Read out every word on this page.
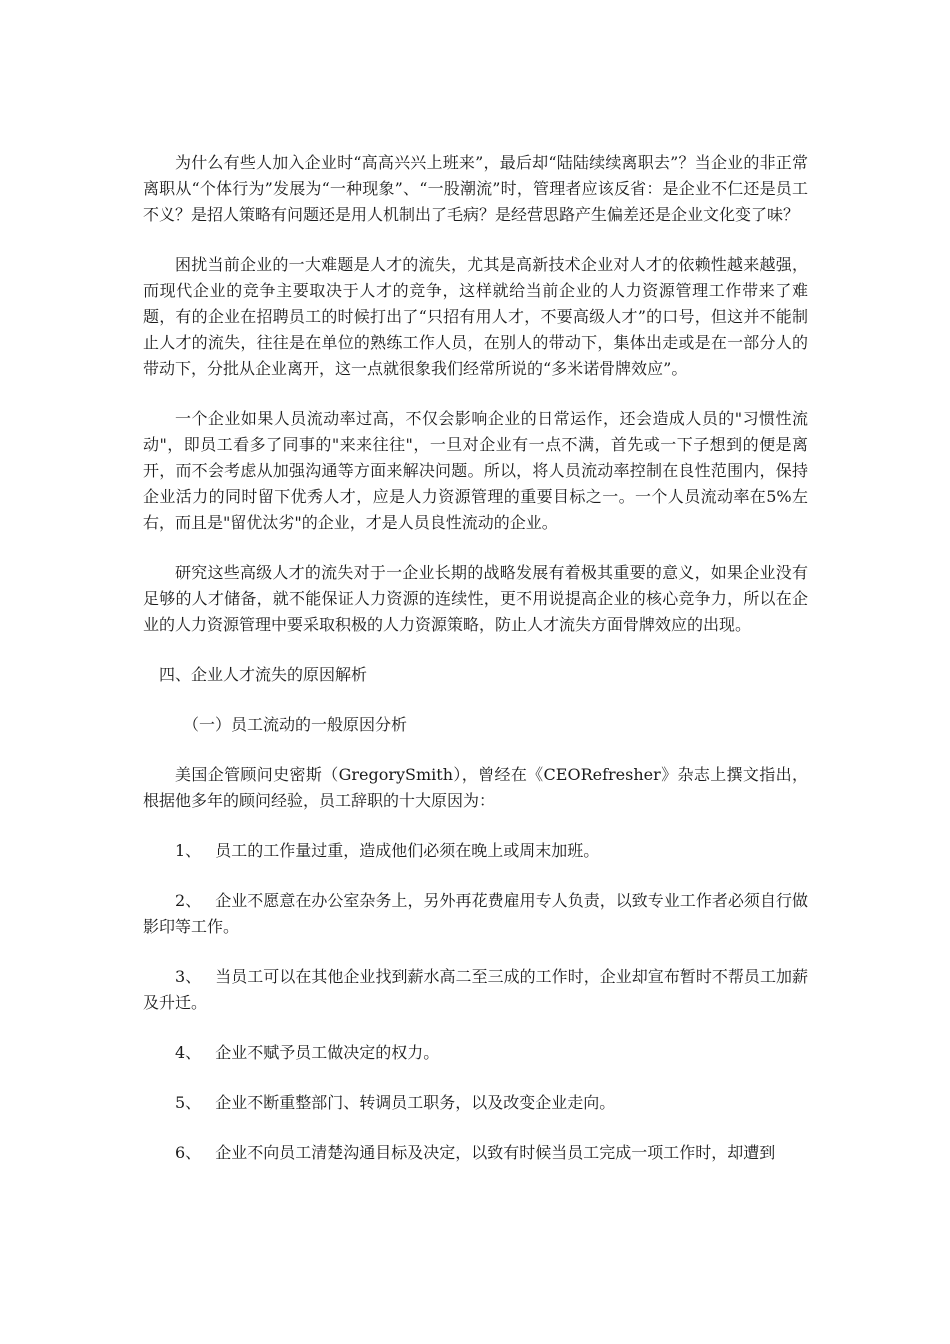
为什么有些人加入企业时“高高兴兴上班来”，最后却“陆陆续续离职去”？当企业的非正常离职从“个体行为”发展为“一种现象”、“一股潮流”时，管理者应该反省：是企业不仁还是员工不义？是招人策略有问题还是用人机制出了毛病？是经营思路产生偏差还是企业文化变了味？

困扰当前企业的一大难题是人才的流失，尤其是高新技术企业对人才的依赖性越来越强，而现代企业的竞争主要取决于人才的竞争，这样就给当前企业的人力资源管理工作带来了难题，有的企业在招聘员工的时候打出了“只招有用人才，不要高级人才”的口号，但这并不能制止人才的流失，往往是在单位的熟练工作人员，在别人的带动下，集体出走或是在一部分人的带动下，分批从企业离开，这一点就很象我们经常所说的“多米诺骨牌效应”。

一个企业如果人员流动率过高，不仅会影响企业的日常运作，还会造成人员的"习惯性流动"，即员工看多了同事的"来来往往"，一旦对企业有一点不满，首先或一下子想到的便是离开，而不会考虑从加强沟通等方面来解决问题。所以，将人员流动率控制在良性范围内，保持企业活力的同时留下优秀人才，应是人力资源管理的重要目标之一。一个人员流动率在5%左右，而且是"留优汰劣"的企业，才是人员良性流动的企业。

研究这些高级人才的流失对于一企业长期的战略发展有着极其重要的意义，如果企业没有足够的人才储备，就不能保证人力资源的连续性，更不用说提高企业的核心竞争力，所以在企业的人力资源管理中要采取积极的人力资源策略，防止人才流失方面骨牌效应的出现。

四、企业人才流失的原因解析

（一）员工流动的一般原因分析

美国企管顾问史密斯（GregorySmith），曾经在《CEORefresher》杂志上撰文指出，根据他多年的顾问经验，员工辞职的十大原因为：

1、 员工的工作量过重，造成他们必须在晚上或周末加班。

2、 企业不愿意在办公室杂务上，另外再花费雇用专人负责，以致专业工作者必须自行做影印等工作。

3、 当员工可以在其他企业找到薪水高二至三成的工作时，企业却宣布暂时不帮员工加薪及升迁。

4、 企业不赋予员工做决定的权力。

5、 企业不断重整部门、转调员工职务，以及改变企业走向。

6、 企业不向员工清楚沟通目标及决定，以致有时候当员工完成一项工作时，却遭到
